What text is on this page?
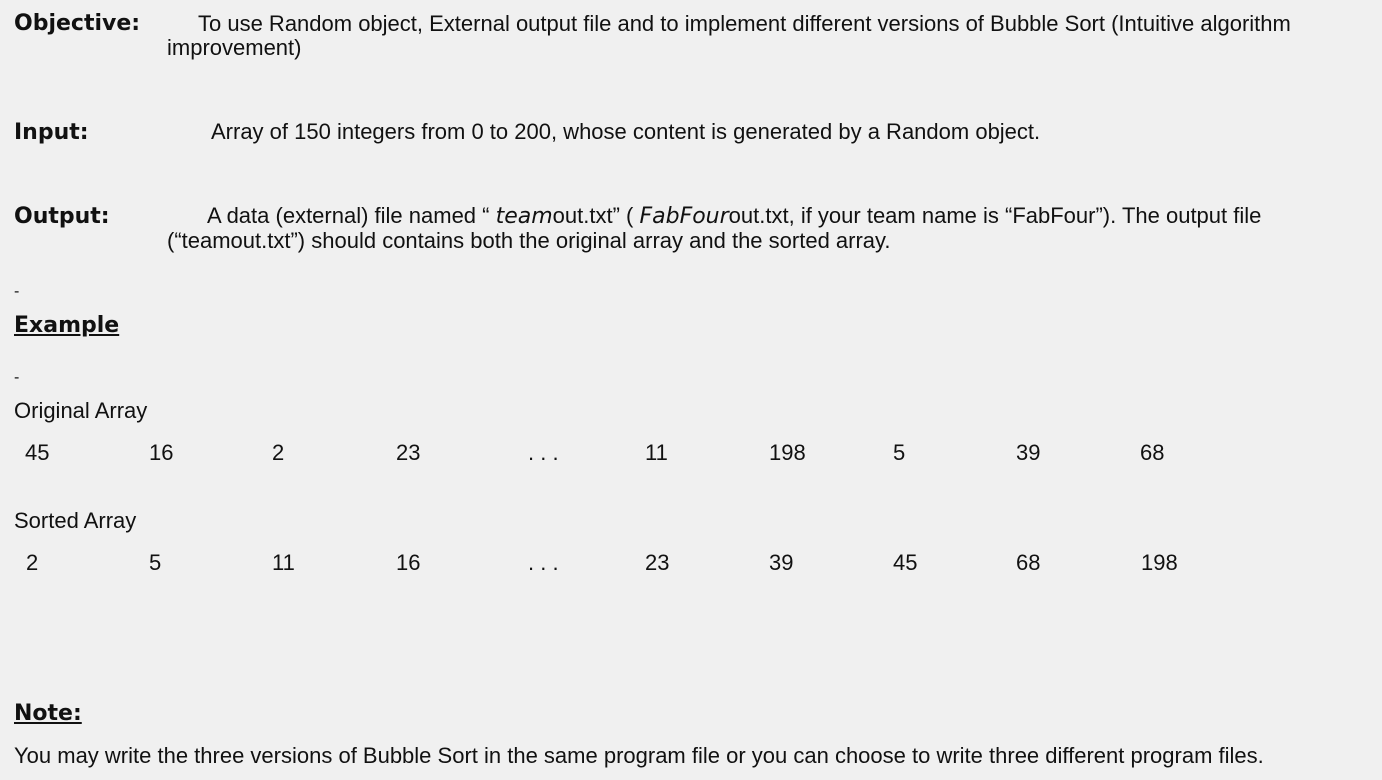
Objective:	To use Random object, External output file and to implement different versions of Bubble Sort (Intuitive algorithm
improvement)
Input:	Array of 150 integers from 0 to 200, whose content is generated by a Random object.
Output:	A data (external) file named “ teamout.txt” ( FabFourout.txt, if your team name is “FabFour”). The output file
(“teamout.txt”) should contains both the original array and the sorted array.
-
Example
-
Original Array
45	16	2	23	. . .	11	198	5	39	68
Sorted Array
2	5	11	16	. . .	23	39	45	68	198
Note:
You may write the three versions of Bubble Sort in the same program file or you can choose to write three different program files.
